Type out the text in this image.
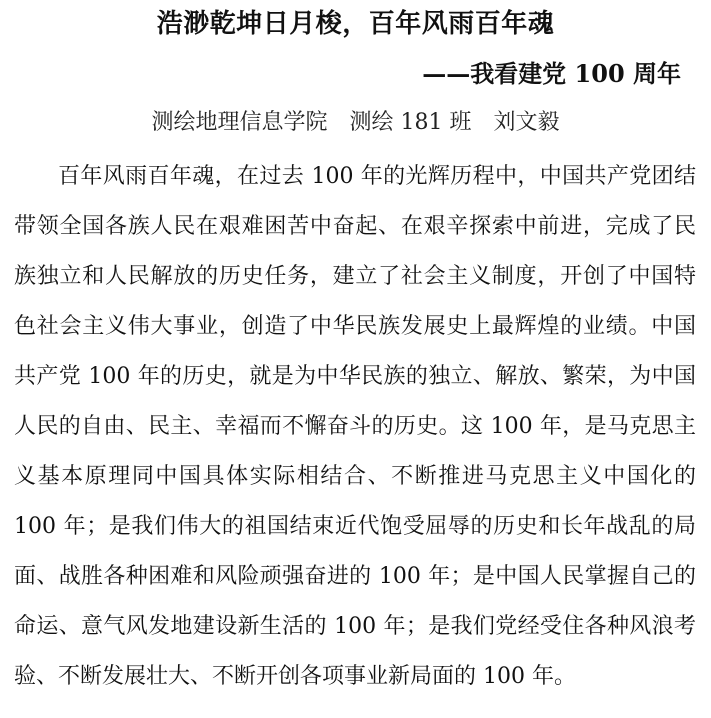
浩渺乾坤日月梭，百年风雨百年魂
——我看建党 100 周年
测绘地理信息学院 测绘 181 班 刘文毅
百年风雨百年魂，在过去 100 年的光辉历程中，中国共产党团结
带领全国各族人民在艰难困苦中奋起、在艰辛探索中前进，完成了民
族独立和人民解放的历史任务，建立了社会主义制度，开创了中国特
色社会主义伟大事业，创造了中华民族发展史上最辉煌的业绩。中国
共产党 100 年的历史，就是为中华民族的独立、解放、繁荣，为中国
人民的自由、民主、幸福而不懈奋斗的历史。这 100 年，是马克思主
义基本原理同中国具体实际相结合、不断推进马克思主义中国化的
100 年；是我们伟大的祖国结束近代饱受屈辱的历史和长年战乱的局
面、战胜各种困难和风险顽强奋进的 100 年；是中国人民掌握自己的
命运、意气风发地建设新生活的 100 年；是我们党经受住各种风浪考
验、不断发展壮大、不断开创各项事业新局面的 100 年。
